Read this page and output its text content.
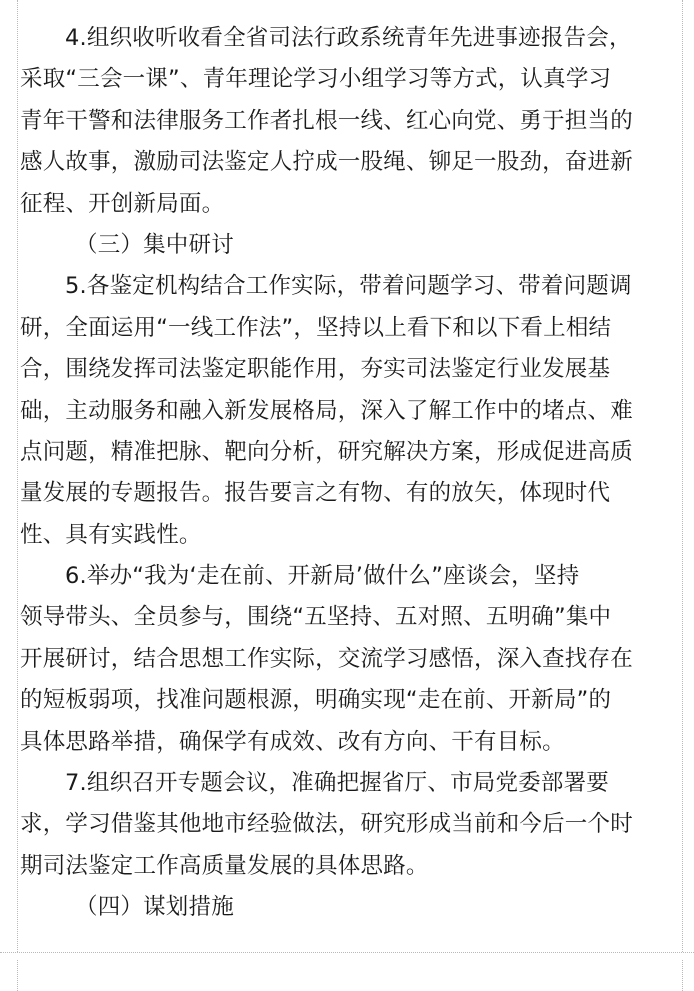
4.组织收听收看全省司法行政系统青年先进事迹报告会，
采取“三会一课”、青年理论学习小组学习等方式，认真学习
青年干警和法律服务工作者扎根一线、红心向党、勇于担当的
感人故事，激励司法鉴定人拧成一股绳、铆足一股劲，奋进新
征程、开创新局面。
（三）集中研讨
5.各鉴定机构结合工作实际，带着问题学习、带着问题调
研，全面运用“一线工作法”，坚持以上看下和以下看上相结
合，围绕发挥司法鉴定职能作用，夯实司法鉴定行业发展基
础，主动服务和融入新发展格局，深入了解工作中的堵点、难
点问题，精准把脉、靶向分析，研究解决方案，形成促进高质
量发展的专题报告。报告要言之有物、有的放矢，体现时代
性、具有实践性。
6.举办“我为‘走在前、开新局’做什么”座谈会，坚持
领导带头、全员参与，围绕“五坚持、五对照、五明确”集中
开展研讨，结合思想工作实际，交流学习感悟，深入查找存在
的短板弱项，找准问题根源，明确实现“走在前、开新局”的
具体思路举措，确保学有成效、改有方向、干有目标。
7.组织召开专题会议，准确把握省厅、市局党委部署要
求，学习借鉴其他地市经验做法，研究形成当前和今后一个时
期司法鉴定工作高质量发展的具体思路。
（四）谋划措施
